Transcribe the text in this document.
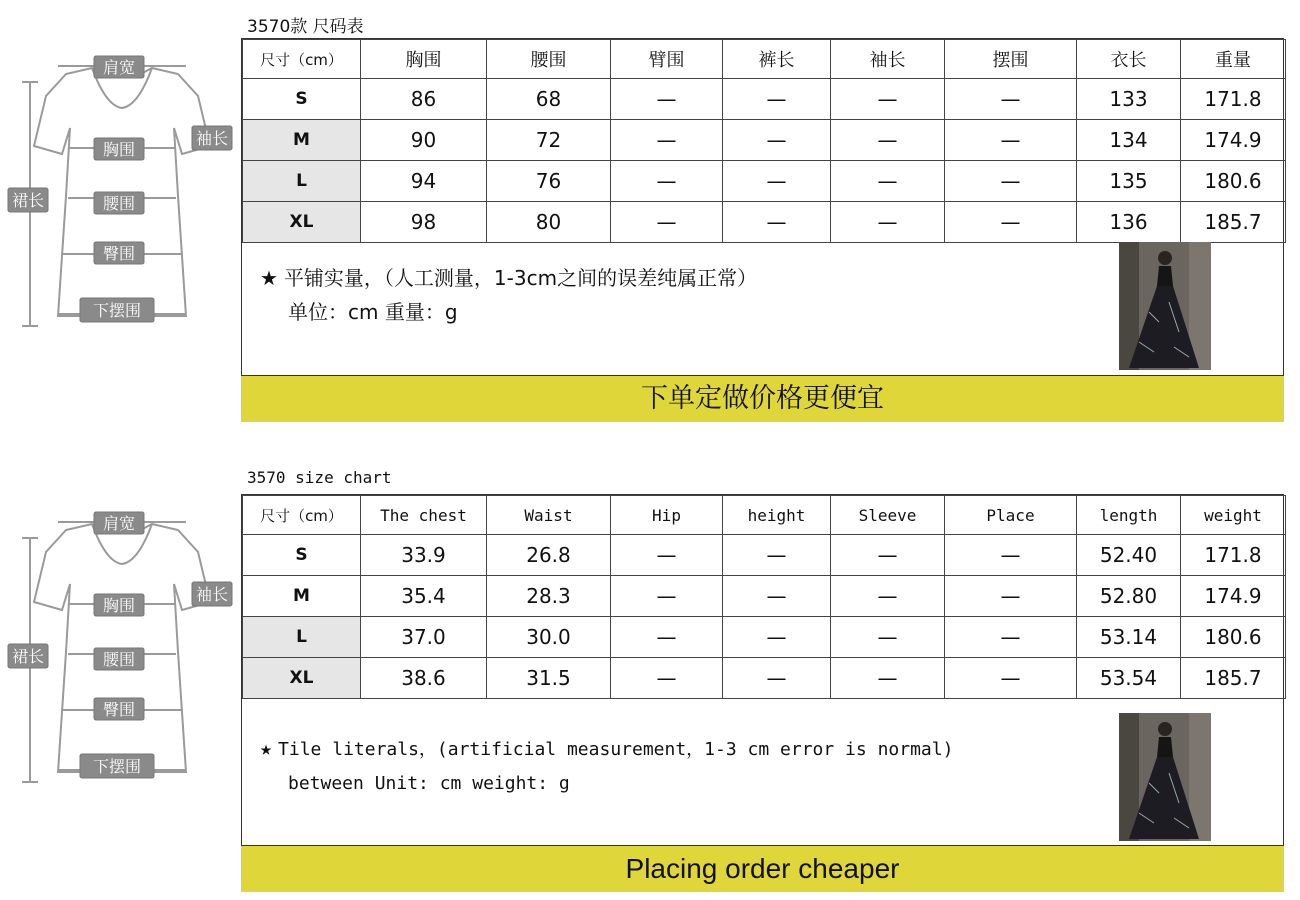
肩宽
袖长
胸围
裙长	腰围
臀围
下摆围
3570款 尺码表
尺寸（cm）	胸围	腰围	臂围	裤长	袖长	摆围	衣长	重量
S	86	68	—	—	—	—	133	171.8
M	90	72	—	—	—	—	134	174.9
L	94	76	—	—	—	—	135	180.6
XL	98	80	—	—	—	—	136	185.7
★ 平铺实量，（人工测量，1-3cm之间的误差纯属正常）
单位：cm 重量：g
下单定做价格更便宜
肩宽
袖长
胸围
裙长	腰围
臀围
下摆围
3570 size chart
尺寸（cm）	The chest	Waist	Hip	height	Sleeve	Place	length	weight
S	33.9	26.8	—	—	—	—	52.40	171.8
M	35.4	28.3	—	—	—	—	52.80	174.9
L	37.0	30.0	—	—	—	—	53.14	180.6
XL	38.6	31.5	—	—	—	—	53.54	185.7
★ Tile literals，(artificial measurement，1-3 cm error is normal)
between Unit: cm weight: g
Placing order cheaper
